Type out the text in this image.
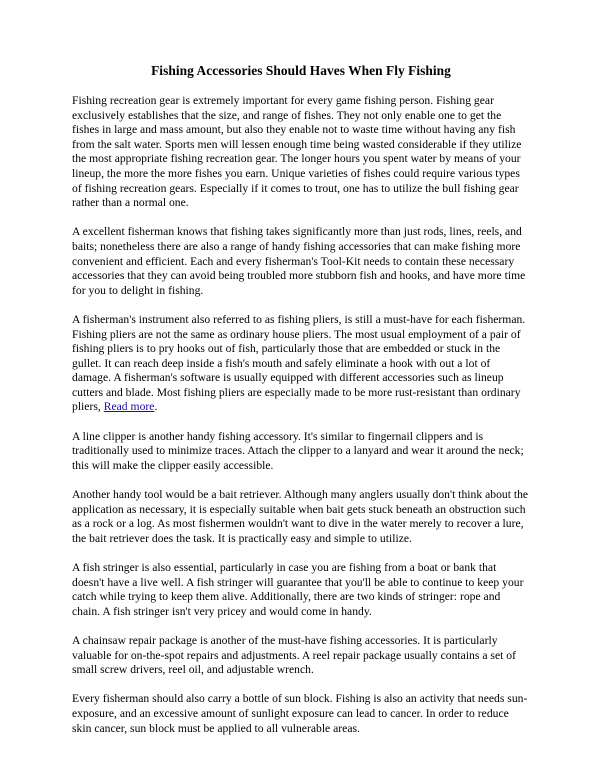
Fishing Accessories Should Haves When Fly Fishing

Fishing recreation gear is extremely important for every game fishing person. Fishing gear exclusively establishes that the size, and range of fishes. They not only enable one to get the fishes in large and mass amount, but also they enable not to waste time without having any fish from the salt water. Sports men will lessen enough time being wasted considerable if they utilize the most appropriate fishing recreation gear. The longer hours you spent water by means of your lineup, the more the more fishes you earn. Unique varieties of fishes could require various types of fishing recreation gears. Especially if it comes to trout, one has to utilize the bull fishing gear rather than a normal one.

A excellent fisherman knows that fishing takes significantly more than just rods, lines, reels, and baits; nonetheless there are also a range of handy fishing accessories that can make fishing more convenient and efficient. Each and every fisherman's Tool-Kit needs to contain these necessary accessories that they can avoid being troubled more stubborn fish and hooks, and have more time for you to delight in fishing.

A fisherman's instrument also referred to as fishing pliers, is still a must-have for each fisherman. Fishing pliers are not the same as ordinary house pliers. The most usual employment of a pair of fishing pliers is to pry hooks out of fish, particularly those that are embedded or stuck in the gullet. It can reach deep inside a fish's mouth and safely eliminate a hook with out a lot of damage. A fisherman's software is usually equipped with different accessories such as lineup cutters and blade. Most fishing pliers are especially made to be more rust-resistant than ordinary pliers, Read more.

A line clipper is another handy fishing accessory. It's similar to fingernail clippers and is traditionally used to minimize traces. Attach the clipper to a lanyard and wear it around the neck; this will make the clipper easily accessible.

Another handy tool would be a bait retriever. Although many anglers usually don't think about the application as necessary, it is especially suitable when bait gets stuck beneath an obstruction such as a rock or a log. As most fishermen wouldn't want to dive in the water merely to recover a lure, the bait retriever does the task. It is practically easy and simple to utilize.

A fish stringer is also essential, particularly in case you are fishing from a boat or bank that doesn't have a live well. A fish stringer will guarantee that you'll be able to continue to keep your catch while trying to keep them alive. Additionally, there are two kinds of stringer: rope and chain. A fish stringer isn't very pricey and would come in handy.

A chainsaw repair package is another of the must-have fishing accessories. It is particularly valuable for on-the-spot repairs and adjustments. A reel repair package usually contains a set of small screw drivers, reel oil, and adjustable wrench.

Every fisherman should also carry a bottle of sun block. Fishing is also an activity that needs sun-exposure, and an excessive amount of sunlight exposure can lead to cancer. In order to reduce skin cancer, sun block must be applied to all vulnerable areas.
